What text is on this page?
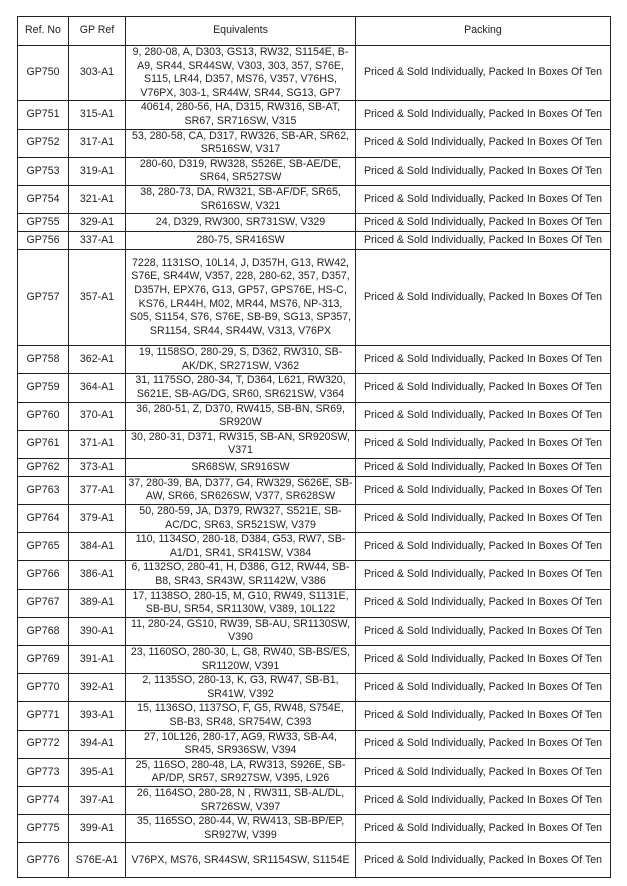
Ref. No	GP Ref	Equivalents	Packing
GP750	303-A1	9, 280-08, A, D303, GS13, RW32, S1154E, B-A9, SR44, SR44SW, V303, 303, 357, S76E, S115, LR44, D357, MS76, V357, V76HS, V76PX, 303-1, SR44W, SR44, SG13, GP7	Priced & Sold Individually, Packed In Boxes Of Ten
GP751	315-A1	40614, 280-56, HA, D315, RW316, SB-AT, SR67, SR716SW, V315	Priced & Sold Individually, Packed In Boxes Of Ten
GP752	317-A1	53, 280-58, CA, D317, RW326, SB-AR, SR62, SR516SW, V317	Priced & Sold Individually, Packed In Boxes Of Ten
GP753	319-A1	280-60, D319, RW328, S526E, SB-AE/DE, SR64, SR527SW	Priced & Sold Individually, Packed In Boxes Of Ten
GP754	321-A1	38, 280-73, DA, RW321, SB-AF/DF, SR65, SR616SW, V321	Priced & Sold Individually, Packed In Boxes Of Ten
GP755	329-A1	24, D329, RW300, SR731SW, V329	Priced & Sold Individually, Packed In Boxes Of Ten
GP756	337-A1	280-75, SR416SW	Priced & Sold Individually, Packed In Boxes Of Ten
GP757	357-A1	7228, 1131SO, 10L14, J, D357H, G13, RW42, S76E, SR44W, V357, 228, 280-62, 357, D357, D357H, EPX76, G13, GP57, GPS76E, HS-C, KS76, LR44H, M02, MR44, MS76, NP-313, S05, S1154, S76, S76E, SB-B9, SG13, SP357, SR1154, SR44, SR44W, V313, V76PX	Priced & Sold Individually, Packed In Boxes Of Ten
GP758	362-A1	19, 1158SO, 280-29, S, D362, RW310, SB-AK/DK, SR271SW, V362	Priced & Sold Individually, Packed In Boxes Of Ten
GP759	364-A1	31, 1175SO, 280-34, T, D364, L621, RW320, S621E, SB-AG/DG, SR60, SR621SW, V364	Priced & Sold Individually, Packed In Boxes Of Ten
GP760	370-A1	36, 280-51, Z, D370, RW415, SB-BN, SR69, SR920W	Priced & Sold Individually, Packed In Boxes Of Ten
GP761	371-A1	30, 280-31, D371, RW315, SB-AN, SR920SW, V371	Priced & Sold Individually, Packed In Boxes Of Ten
GP762	373-A1	SR68SW, SR916SW	Priced & Sold Individually, Packed In Boxes Of Ten
GP763	377-A1	37, 280-39, BA, D377, G4, RW329, S626E, SB-AW, SR66, SR626SW, V377, SR628SW	Priced & Sold Individually, Packed In Boxes Of Ten
GP764	379-A1	50, 280-59, JA, D379, RW327, S521E, SB-AC/DC, SR63, SR521SW, V379	Priced & Sold Individually, Packed In Boxes Of Ten
GP765	384-A1	110, 1134SO, 280-18, D384, G53, RW7, SB-A1/D1, SR41, SR41SW, V384	Priced & Sold Individually, Packed In Boxes Of Ten
GP766	386-A1	6, 1132SO, 280-41, H, D386, G12, RW44, SB-B8, SR43, SR43W, SR1142W, V386	Priced & Sold Individually, Packed In Boxes Of Ten
GP767	389-A1	17, 1138SO, 280-15, M, G10, RW49, S1131E, SB-BU, SR54, SR1130W, V389, 10L122	Priced & Sold Individually, Packed In Boxes Of Ten
GP768	390-A1	11, 280-24, GS10, RW39, SB-AU, SR1130SW, V390	Priced & Sold Individually, Packed In Boxes Of Ten
GP769	391-A1	23, 1160SO, 280-30, L, G8, RW40, SB-BS/ES, SR1120W, V391	Priced & Sold Individually, Packed In Boxes Of Ten
GP770	392-A1	2, 1135SO, 280-13, K, G3, RW47, SB-B1, SR41W, V392	Priced & Sold Individually, Packed In Boxes Of Ten
GP771	393-A1	15, 1136SO, 1137SO, F, G5, RW48, S754E, SB-B3, SR48, SR754W, C393	Priced & Sold Individually, Packed In Boxes Of Ten
GP772	394-A1	27, 10L126, 280-17, AG9, RW33, SB-A4, SR45, SR936SW, V394	Priced & Sold Individually, Packed In Boxes Of Ten
GP773	395-A1	25, 116SO, 280-48, LA, RW313, S926E, SB-AP/DP, SR57, SR927SW, V395, L926	Priced & Sold Individually, Packed In Boxes Of Ten
GP774	397-A1	26, 1164SO, 280-28, N , RW311, SB-AL/DL, SR726SW, V397	Priced & Sold Individually, Packed In Boxes Of Ten
GP775	399-A1	35, 1165SO, 280-44, W, RW413, SB-BP/EP, SR927W, V399	Priced & Sold Individually, Packed In Boxes Of Ten
GP776	S76E-A1	V76PX, MS76, SR44SW, SR1154SW, S1154E	Priced & Sold Individually, Packed In Boxes Of Ten
